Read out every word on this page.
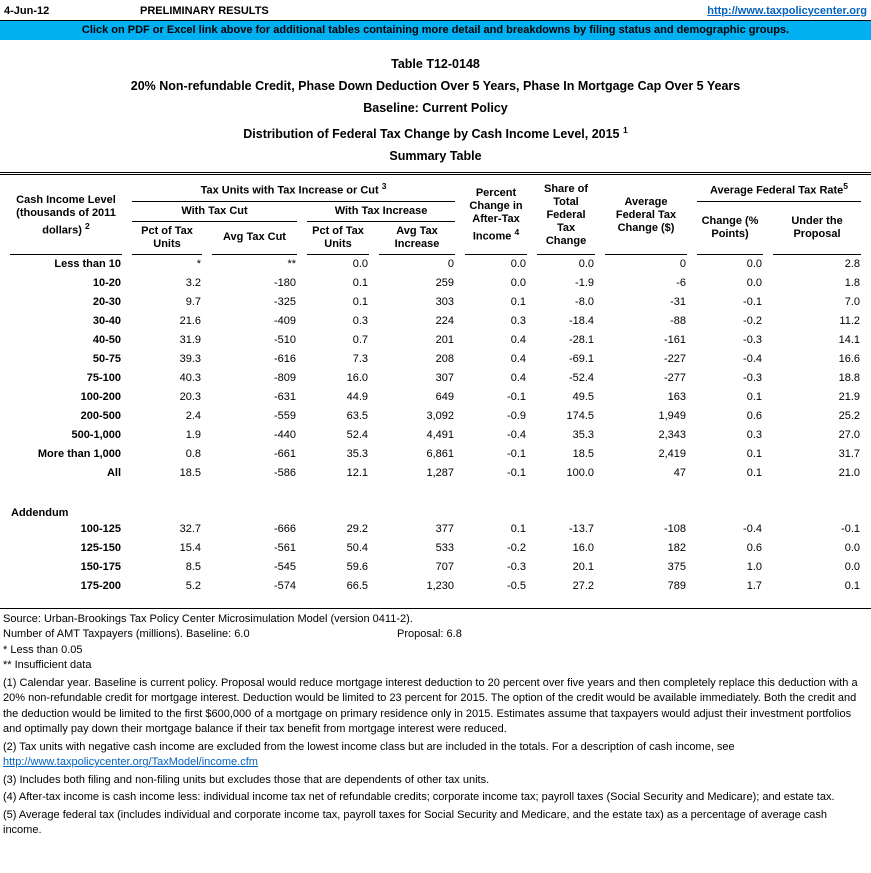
4-Jun-12	PRELIMINARY RESULTS	http://www.taxpolicycenter.org
Click on PDF or Excel link above for additional tables containing more detail and breakdowns by filing status and demographic groups.
Table T12-0148
20% Non-refundable Credit, Phase Down Deduction Over 5 Years, Phase In Mortgage Cap Over 5 Years
Baseline: Current Policy
Distribution of Federal Tax Change by Cash Income Level, 2015 $^1$
Summary Table
Cash Income Level (thousands of 2011 dollars) $^2$	Tax Units with Tax Increase or Cut $^3$				Percent Change in After-Tax Income $^4$	Share of Total Federal Tax Change	Average Federal Tax Change ($)	Average Federal Tax Rate$^5$
	With Tax Cut		With Tax Increase					Change (% Points)	Under the Proposal
	Pct of Tax Units	Avg Tax Cut	Pct of Tax Units	Avg Tax Increase					
Less than 10	*	**	0.0	0	0.0	0.0	0	0.0	2.8
10-20	3.2	-180	0.1	259	0.0	-1.9	-6	0.0	1.8
20-30	9.7	-325	0.1	303	0.1	-8.0	-31	-0.1	7.0
30-40	21.6	-409	0.3	224	0.3	-18.4	-88	-0.2	11.2
40-50	31.9	-510	0.7	201	0.4	-28.1	-161	-0.3	14.1
50-75	39.3	-616	7.3	208	0.4	-69.1	-227	-0.4	16.6
75-100	40.3	-809	16.0	307	0.4	-52.4	-277	-0.3	18.8
100-200	20.3	-631	44.9	649	-0.1	49.5	163	0.1	21.9
200-500	2.4	-559	63.5	3,092	-0.9	174.5	1,949	0.6	25.2
500-1,000	1.9	-440	52.4	4,491	-0.4	35.3	2,343	0.3	27.0
More than 1,000	0.8	-661	35.3	6,861	-0.1	18.5	2,419	0.1	31.7
All	18.5	-586	12.1	1,287	-0.1	100.0	47	0.1	21.0

Addendum									
100-125	32.7	-666	29.2	377	0.1	-13.7	-108	-0.4	-0.1
125-150	15.4	-561	50.4	533	-0.2	16.0	182	0.6	0.0
150-175	8.5	-545	59.6	707	-0.3	20.1	375	1.0	0.0
175-200	5.2	-574	66.5	1,230	-0.5	27.2	789	1.7	0.1

Source: Urban-Brookings Tax Policy Center Microsimulation Model (version 0411-2).

Number of AMT Taxpayers (millions). Baseline: 6.0	Proposal: 6.8

* Less than 0.05

** Insufficient data

(1) Calendar year. Baseline is current policy. Proposal would reduce mortgage interest deduction to 20 percent over five years and then completely replace this deduction with a 20% non-refundable credit for mortgage interest. Deduction would be limited to 23 percent for 2015. The option of the credit would be available immediately. Both the credit and the deduction would be limited to the first $600,000 of a mortgage on primary residence only in 2015. Estimates assume that taxpayers would adjust their investment portfolios and optimally pay down their mortgage balance if their tax benefit from mortgage interest were reduced.

(2) Tax units with negative cash income are excluded from the lowest income class but are included in the totals. For a description of cash income, see http://www.taxpolicycenter.org/TaxModel/income.cfm

(3) Includes both filing and non-filing units but excludes those that are dependents of other tax units.

(4) After-tax income is cash income less: individual income tax net of refundable credits; corporate income tax; payroll taxes (Social Security and Medicare); and estate tax.

(5) Average federal tax (includes individual and corporate income tax, payroll taxes for Social Security and Medicare, and the estate tax) as a percentage of average cash income.
